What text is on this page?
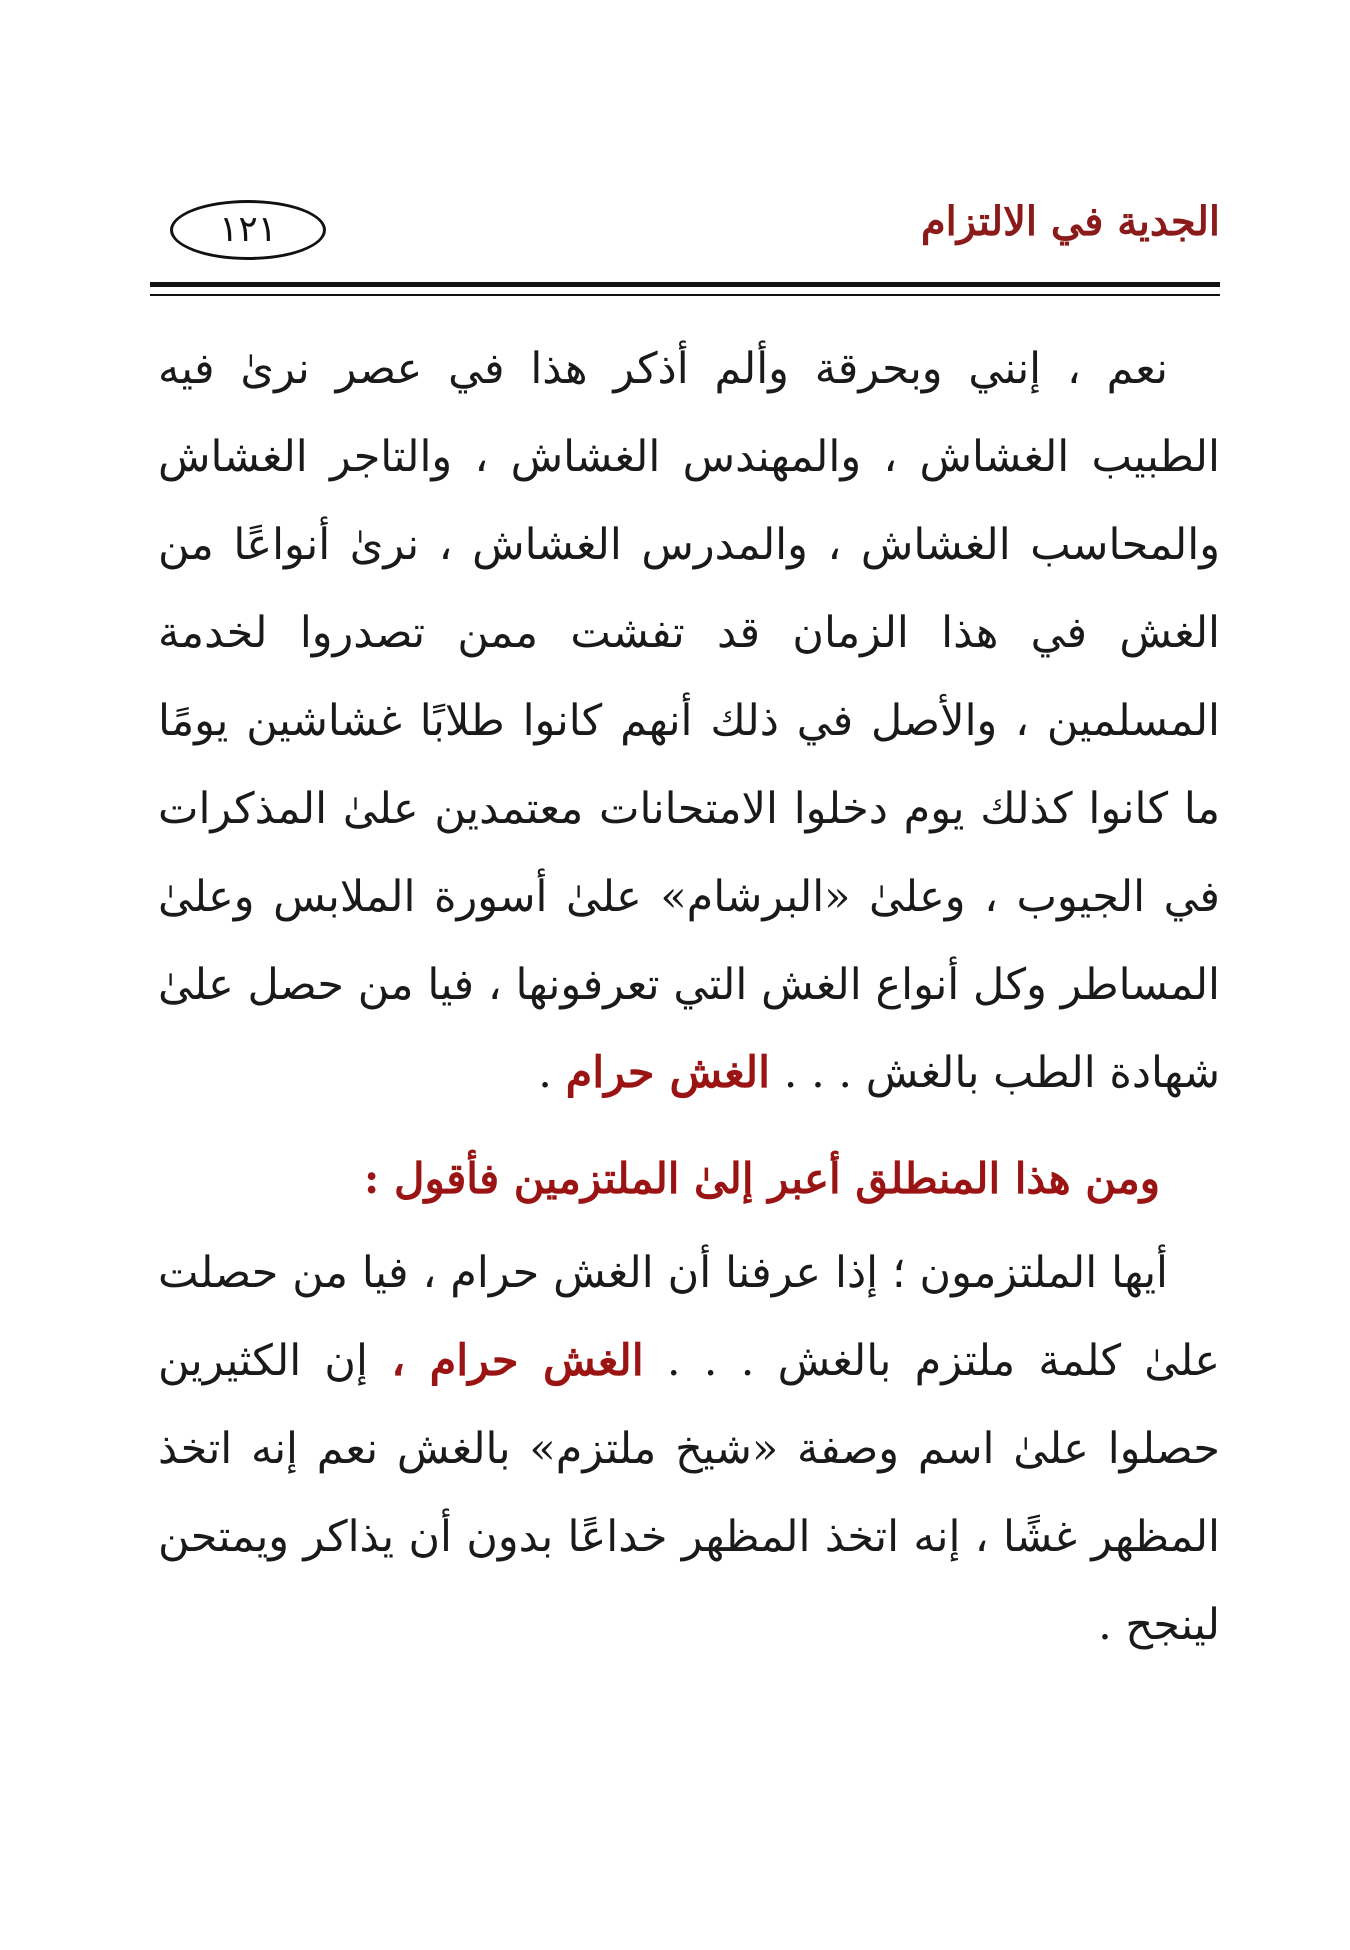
الجدية في الالتزام
١٢١

نعم ، إنني وبحرقة وألم أذكر هذا في عصر نرىٰ فيه الطبيب الغشاش ، والمهندس الغشاش ، والتاجر الغشاش والمحاسب الغشاش ، والمدرس الغشاش ، نرىٰ أنواعًا من الغش في هذا الزمان قد تفشت ممن تصدروا لخدمة المسلمين ، والأصل في ذلك أنهم كانوا طلابًا غشاشين يومًا ما كانوا كذلك يوم دخلوا الامتحانات معتمدين علىٰ المذكرات في الجيوب ، وعلىٰ «البرشام» علىٰ أسورة الملابس وعلىٰ المساطر وكل أنواع الغش التي تعرفونها ، فيا من حصل علىٰ شهادة الطب بالغش . . . الغش حرام .

ومن هذا المنطلق أعبر إلىٰ الملتزمين فأقول :

أيها الملتزمون ؛ إذا عرفنا أن الغش حرام ، فيا من حصلت علىٰ كلمة ملتزم بالغش . . . الغش حرام ، إن الكثيرين حصلوا علىٰ اسم وصفة «شيخ ملتزم» بالغش نعم إنه اتخذ المظهر غشًا ، إنه اتخذ المظهر خداعًا بدون أن يذاكر ويمتحن لينجح .
